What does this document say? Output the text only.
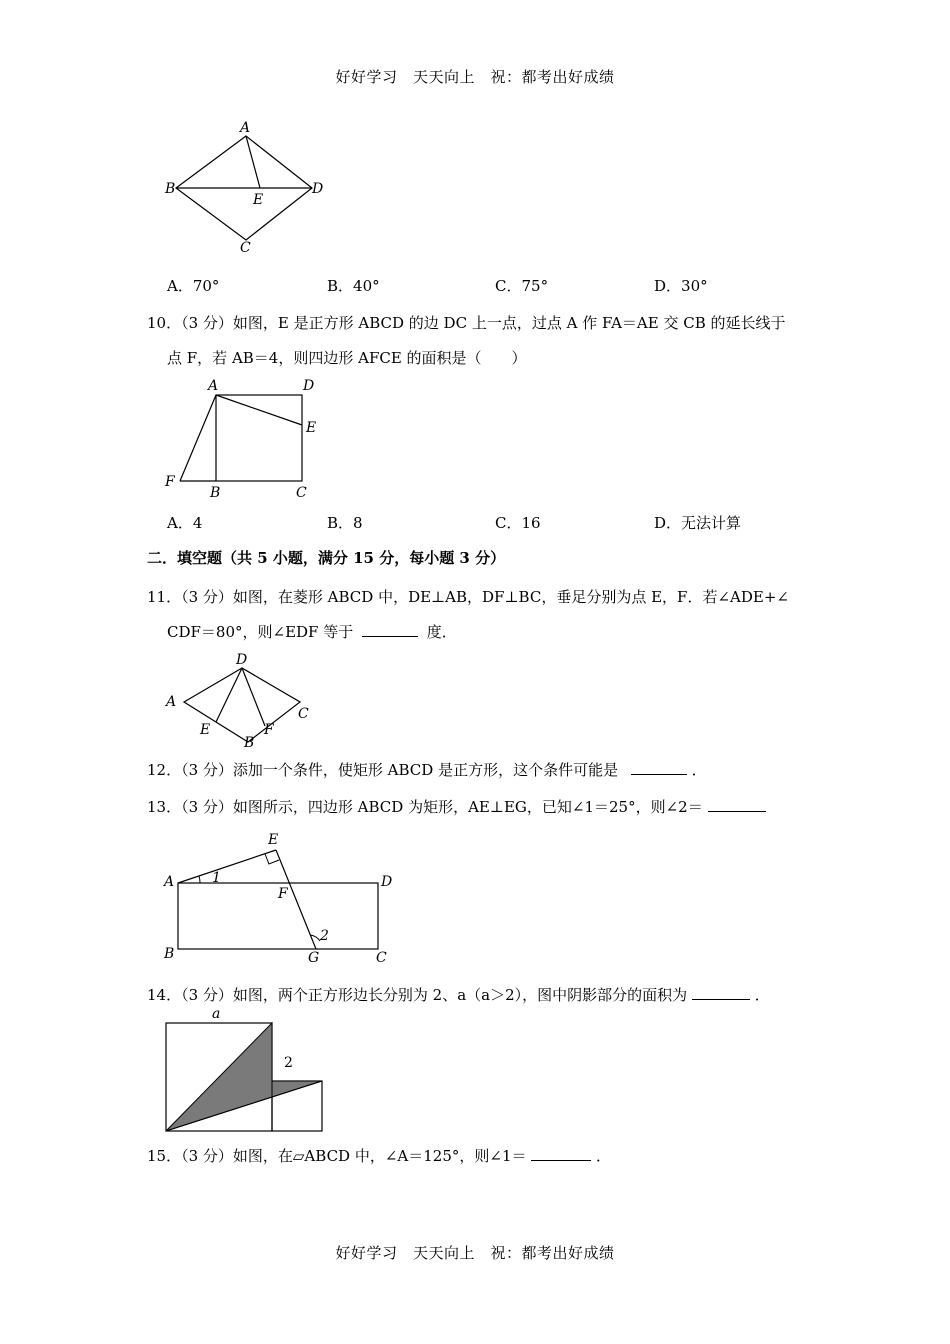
好好学习　天天向上　祝：都考出好成绩
A
B
E
D
C
A．70°	B．40°	C．75°	D．30°
10．（3 分）如图，E 是正方形 ABCD 的边 DC 上一点，过点 A 作 FA＝AE 交 CB 的延长线于
点 F，若 AB＝4，则四边形 AFCE 的面积是（　　）
A	D
E
F
B	C
A．4	B．8	C．16	D．无法计算
二．填空题（共 5 小题，满分 15 分，每小题 3 分）
11．（3 分）如图，在菱形 ABCD 中，DE⊥AB，DF⊥BC，垂足分别为点 E，F．若∠ADE+∠
CDF＝80°，则∠EDF 等于	度．
D
A
C
E	F
B
12．（3 分）添加一个条件，使矩形 ABCD 是正方形，这个条件可能是	．
13．（3 分）如图所示，四边形 ABCD 为矩形，AE⊥EG，已知∠1＝25°，则∠2＝
E
A	1	D
F
2
B	G	C
14．（3 分）如图，两个正方形边长分别为 2、a（a＞2），图中阴影部分的面积为	．
a
2
15．（3 分）如图，在▱ABCD 中，∠A＝125°，则∠1＝	．
好好学习　天天向上　祝：都考出好成绩
